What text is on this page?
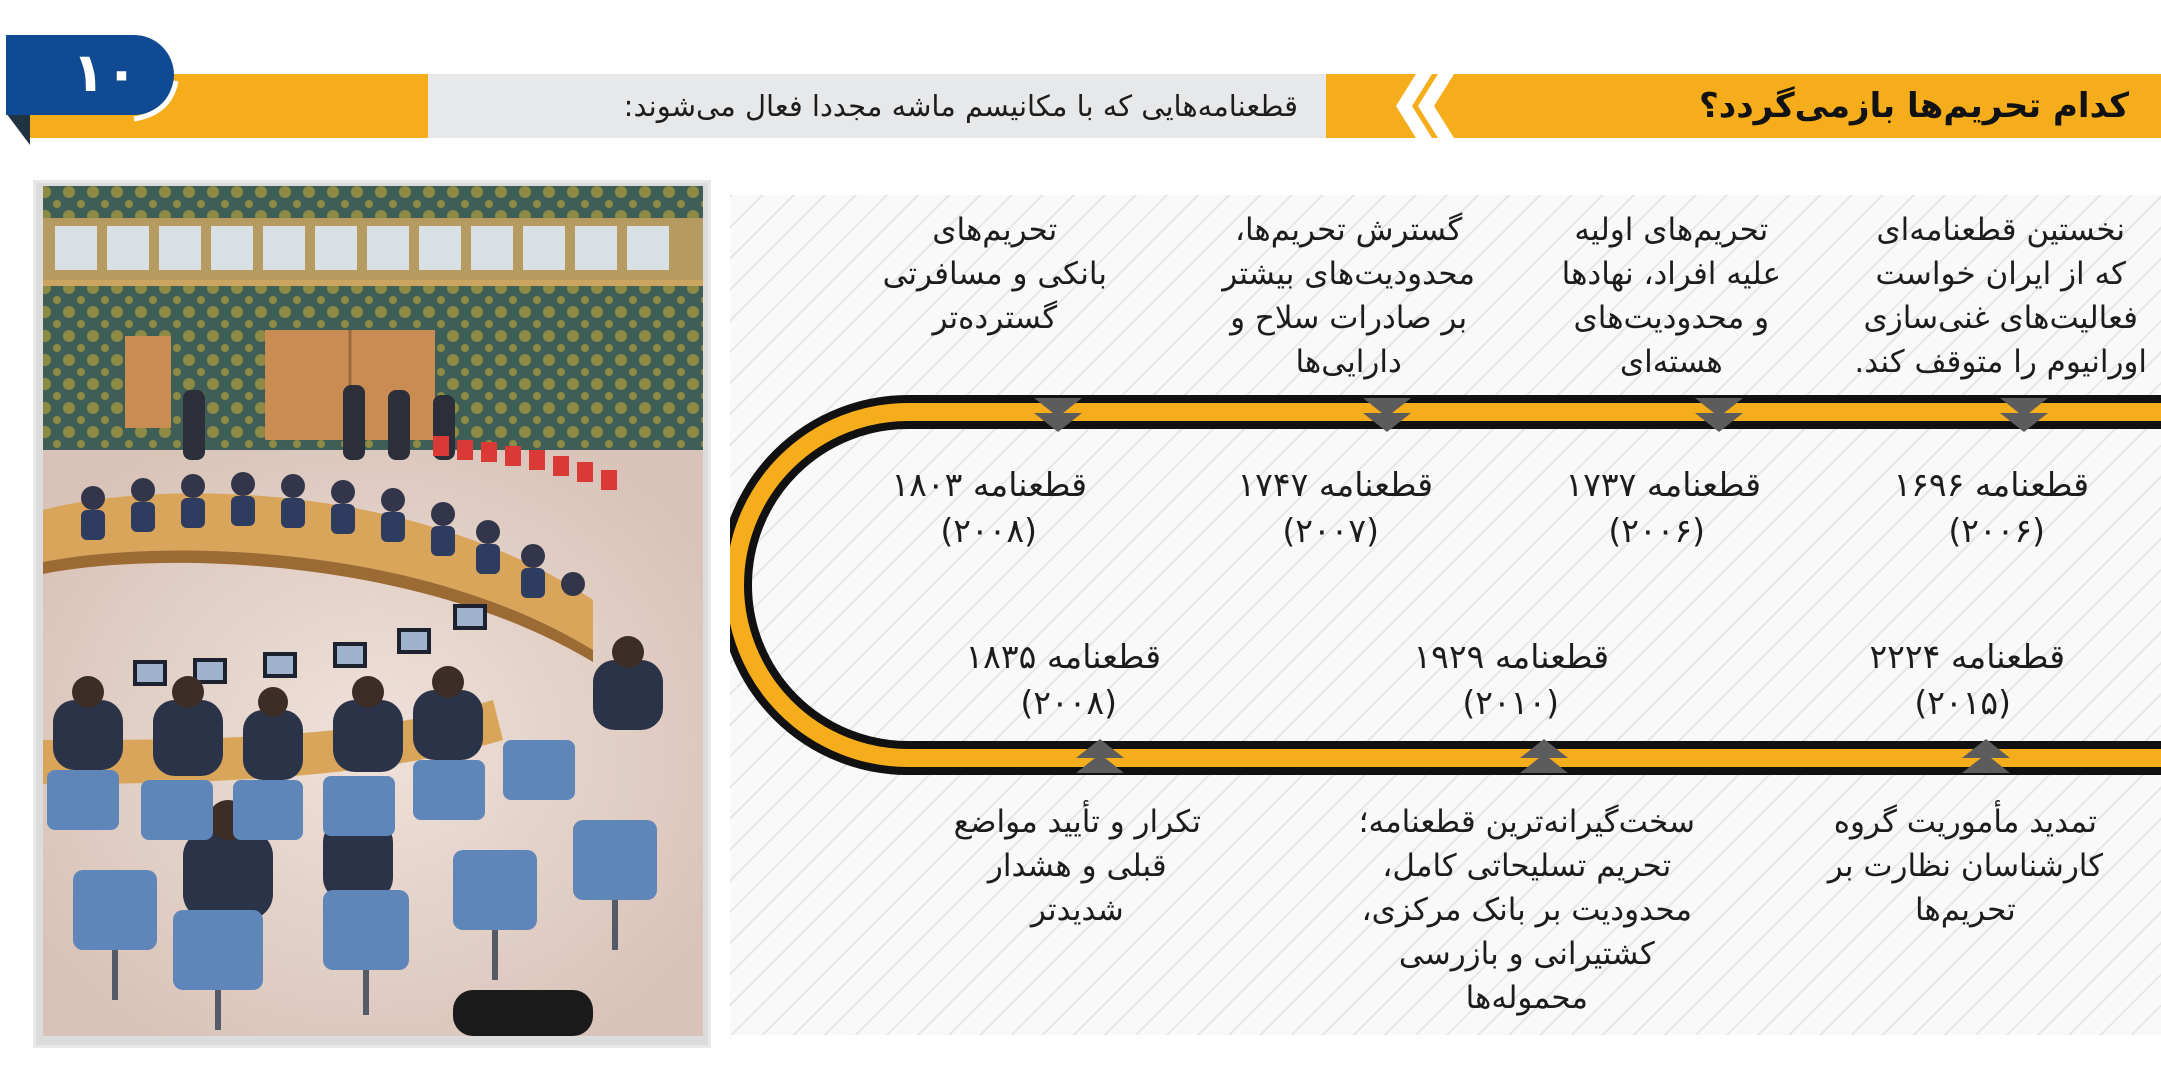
کدام تحریم‌ها بازمی‌گردد؟
قطعنامه‌هایی که با مکانیسم ماشه مجددا فعال می‌شوند:
۱۰
نخستین قطعنامه‌ای
که از ایران خواست
فعالیت‌های غنی‌سازی
اورانیوم را متوقف کند.
قطعنامه ۱۶۹۶
(۲۰۰۶)
تحریم‌های اولیه
علیه افراد، نهادها
و محدودیت‌های
هسته‌ای
قطعنامه ۱۷۳۷
(۲۰۰۶)
گسترش تحریم‌ها،
محدودیت‌های بیشتر
بر صادرات سلاح و
دارایی‌ها
قطعنامه ۱۷۴۷
(۲۰۰۷)
تحریم‌های
بانکی و مسافرتی
گسترده‌تر
قطعنامه ۱۸۰۳
(۲۰۰۸)
قطعنامه ۲۲۲۴
(۲۰۱۵)
تمدید مأموریت گروه
کارشناسان نظارت بر
تحریم‌ها
قطعنامه ۱۹۲۹
(۲۰۱۰)
سخت‌گیرانه‌ترین قطعنامه؛
تحریم تسلیحاتی کامل،
محدودیت بر بانک مرکزی،
کشتیرانی و بازرسی
محموله‌ها
قطعنامه ۱۸۳۵
(۲۰۰۸)
تکرار و تأیید مواضع
قبلی و هشدار
شدیدتر
